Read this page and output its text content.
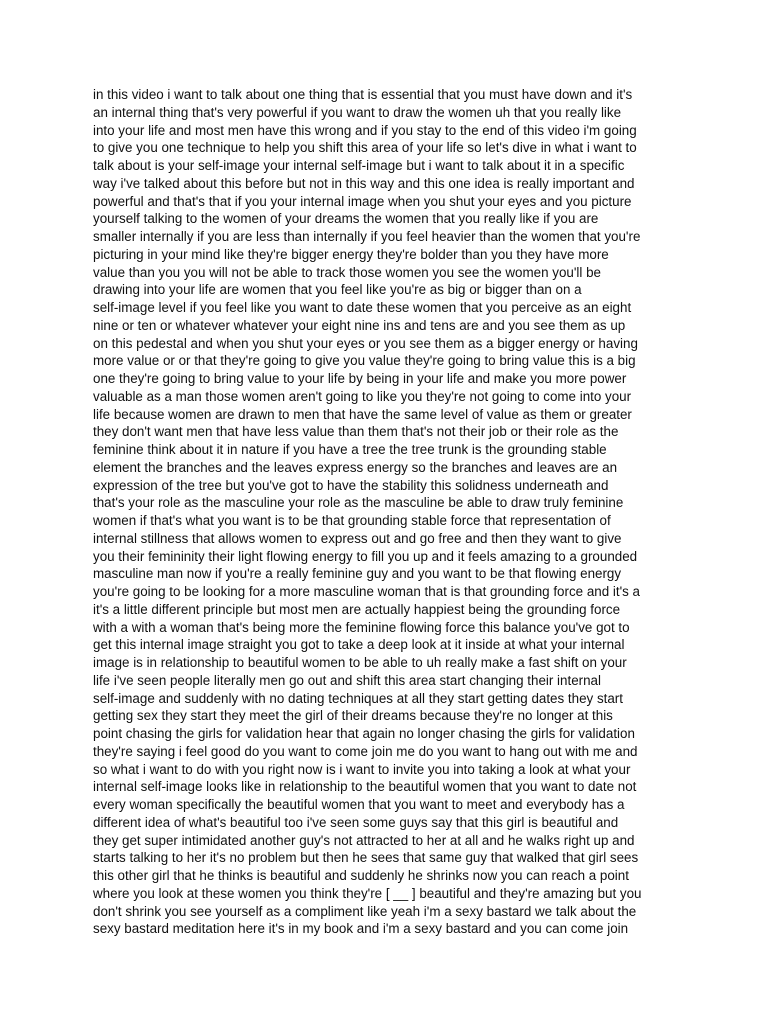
in this video i want to talk about one thing that is essential that you must have down and it's
an internal thing that's very powerful if you want to draw the women uh that you really like
into your life and most men have this wrong and if you stay to the end of this video i'm going
to give you one technique to help you shift this area of your life so let's dive in what i want to
talk about is your self-image your internal self-image but i want to talk about it in a specific
way i've talked about this before but not in this way and this one idea is really important and
powerful and that's that if you your internal image when you shut your eyes and you picture
yourself talking to the women of your dreams the women that you really like if you are
smaller internally if you are less than internally if you feel heavier than the women that you're
picturing in your mind like they're bigger energy they're bolder than you they have more
value than you you will not be able to track those women you see the women you'll be
drawing into your life are women that you feel like you're as big or bigger than on a
self-image level if you feel like you want to date these women that you perceive as an eight
nine or ten or whatever whatever your eight nine ins and tens are and you see them as up
on this pedestal and when you shut your eyes or you see them as a bigger energy or having
more value or or that they're going to give you value they're going to bring value this is a big
one they're going to bring value to your life by being in your life and make you more power
valuable as a man those women aren't going to like you they're not going to come into your
life because women are drawn to men that have the same level of value as them or greater
they don't want men that have less value than them that's not their job or their role as the
feminine think about it in nature if you have a tree the tree trunk is the grounding stable
element the branches and the leaves express energy so the branches and leaves are an
expression of the tree but you've got to have the stability this solidness underneath and
that's your role as the masculine your role as the masculine be able to draw truly feminine
women if that's what you want is to be that grounding stable force that representation of
internal stillness that allows women to express out and go free and then they want to give
you their femininity their light flowing energy to fill you up and it feels amazing to a grounded
masculine man now if you're a really feminine guy and you want to be that flowing energy
you're going to be looking for a more masculine woman that is that grounding force and it's a
it's a little different principle but most men are actually happiest being the grounding force
with a with a woman that's being more the feminine flowing force this balance you've got to
get this internal image straight you got to take a deep look at it inside at what your internal
image is in relationship to beautiful women to be able to uh really make a fast shift on your
life i've seen people literally men go out and shift this area start changing their internal
self-image and suddenly with no dating techniques at all they start getting dates they start
getting sex they start they meet the girl of their dreams because they're no longer at this
point chasing the girls for validation hear that again no longer chasing the girls for validation
they're saying i feel good do you want to come join me do you want to hang out with me and
so what i want to do with you right now is i want to invite you into taking a look at what your
internal self-image looks like in relationship to the beautiful women that you want to date not
every woman specifically the beautiful women that you want to meet and everybody has a
different idea of what's beautiful too i've seen some guys say that this girl is beautiful and
they get super intimidated another guy's not attracted to her at all and he walks right up and
starts talking to her it's no problem but then he sees that same guy that walked that girl sees
this other girl that he thinks is beautiful and suddenly he shrinks now you can reach a point
where you look at these women you think they're [ __ ] beautiful and they're amazing but you
don't shrink you see yourself as a compliment like yeah i'm a sexy bastard we talk about the
sexy bastard meditation here it's in my book and i'm a sexy bastard and you can come join
